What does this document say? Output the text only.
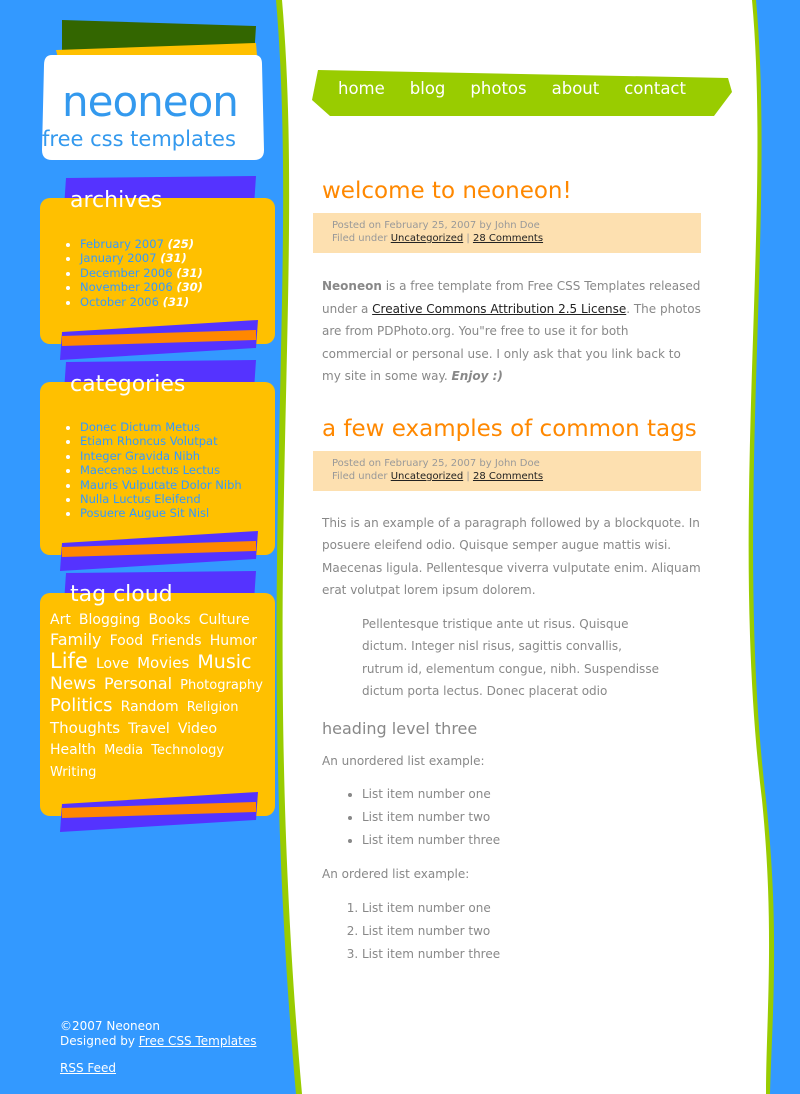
neoneon
free css templates
archives
• February 2007 (25)
• January 2007 (31)
• December 2006 (31)
• November 2006 (30)
• October 2006 (31)
categories
• Donec Dictum Metus
• Etiam Rhoncus Volutpat
• Integer Gravida Nibh
• Maecenas Luctus Lectus
• Mauris Vulputate Dolor Nibh
• Nulla Luctus Eleifend
• Posuere Augue Sit Nisl
tag cloud
Art Blogging Books Culture Family Food Friends Humor Life Love Movies Music News Personal Photography Politics Random Religion Thoughts Travel Video Health Media Technology Writing
home blog photos about contact
welcome to neoneon!
Posted on February 25, 2007 by John Doe
Filed under Uncategorized | 28 Comments

Neoneon is a free template from Free CSS Templates released under a Creative Commons Attribution 2.5 License. The photos are from PDPhoto.org. You"re free to use it for both commercial or personal use. I only ask that you link back to my site in some way. Enjoy :)

a few examples of common tags
Posted on February 25, 2007 by John Doe
Filed under Uncategorized | 28 Comments

This is an example of a paragraph followed by a blockquote. In posuere eleifend odio. Quisque semper augue mattis wisi. Maecenas ligula. Pellentesque viverra vulputate enim. Aliquam erat volutpat lorem ipsum dolorem.

Pellentesque tristique ante ut risus. Quisque dictum. Integer nisl risus, sagittis convallis, rutrum id, elementum congue, nibh. Suspendisse dictum porta lectus. Donec placerat odio
heading level three

An unordered list example:

• List item number one
• List item number two
• List item number three

An ordered list example:

1. List item number one
2. List item number two
3. List item number three
©2007 Neoneon
Designed by Free CSS Templates
RSS Feed
